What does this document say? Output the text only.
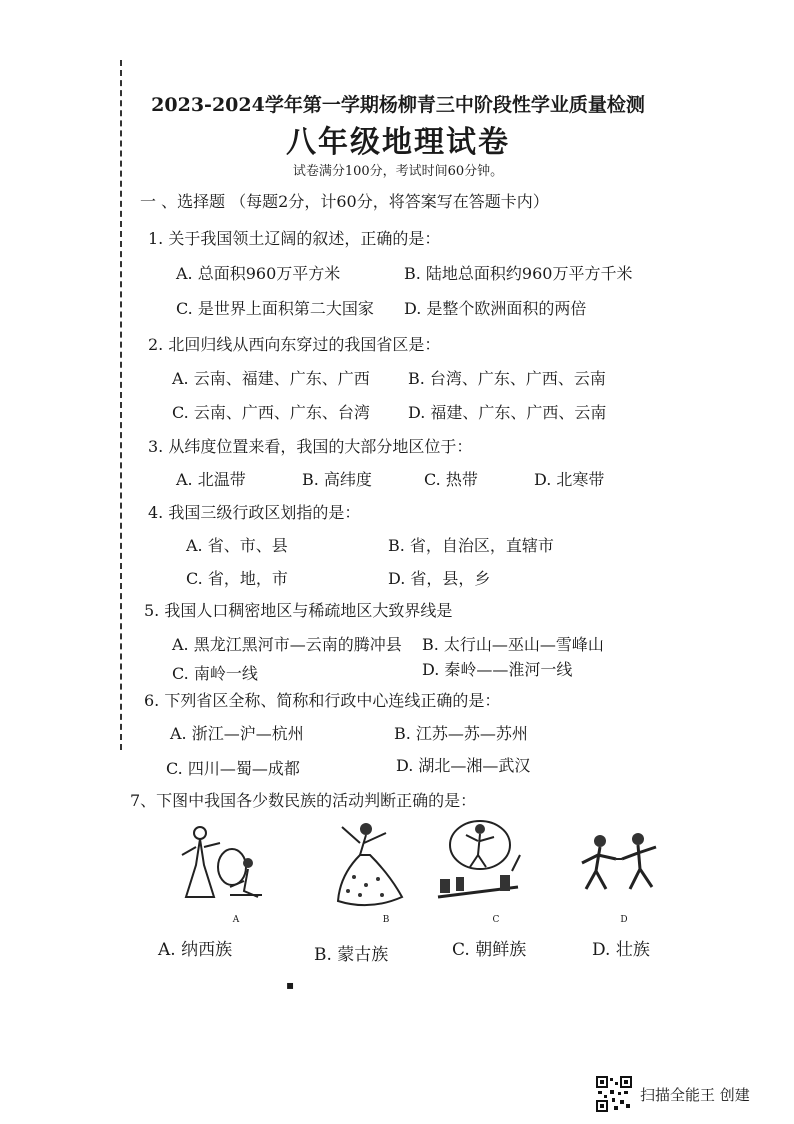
2023-2024学年第一学期杨柳青三中阶段性学业质量检测
八年级地理试卷
试卷满分100分，考试时间60分钟。
一 、选择题 （每题2分，计60分，将答案写在答题卡内）
1. 关于我国领土辽阔的叙述，正确的是：
A. 总面积960万平方米	B. 陆地总面积约960万平方千米
C. 是世界上面积第二大国家 D. 是整个欧洲面积的两倍
2. 北回归线从西向东穿过的我国省区是：
A. 云南、福建、广东、广西 B. 台湾、广东、广西、云南
C. 云南、广西、广东、台湾 D. 福建、广东、广西、云南
3. 从纬度位置来看，我国的大部分地区位于：
A. 北温带	B. 高纬度	C. 热带	D. 北寒带
4. 我国三级行政区划指的是：
A. 省、市、县	B. 省，自治区，直辖市
C. 省，地，市	D. 省，县，乡
5. 我国人口稠密地区与稀疏地区大致界线是
A. 黑龙江黑河市—云南的腾冲县 B. 太行山—巫山—雪峰山
C. 南岭一线	D. 秦岭——淮河一线
6. 下列省区全称、简称和行政中心连线正确的是：
A. 浙江—沪—杭州	B. 江苏—苏—苏州
C. 四川—蜀—成都	D. 湖北—湘—武汉
7、下图中我国各少数民族的活动判断正确的是：
A	B	C	D
A. 纳西族	B. 蒙古族	C. 朝鲜族	D. 壮族
▪
扫描全能王 创建
